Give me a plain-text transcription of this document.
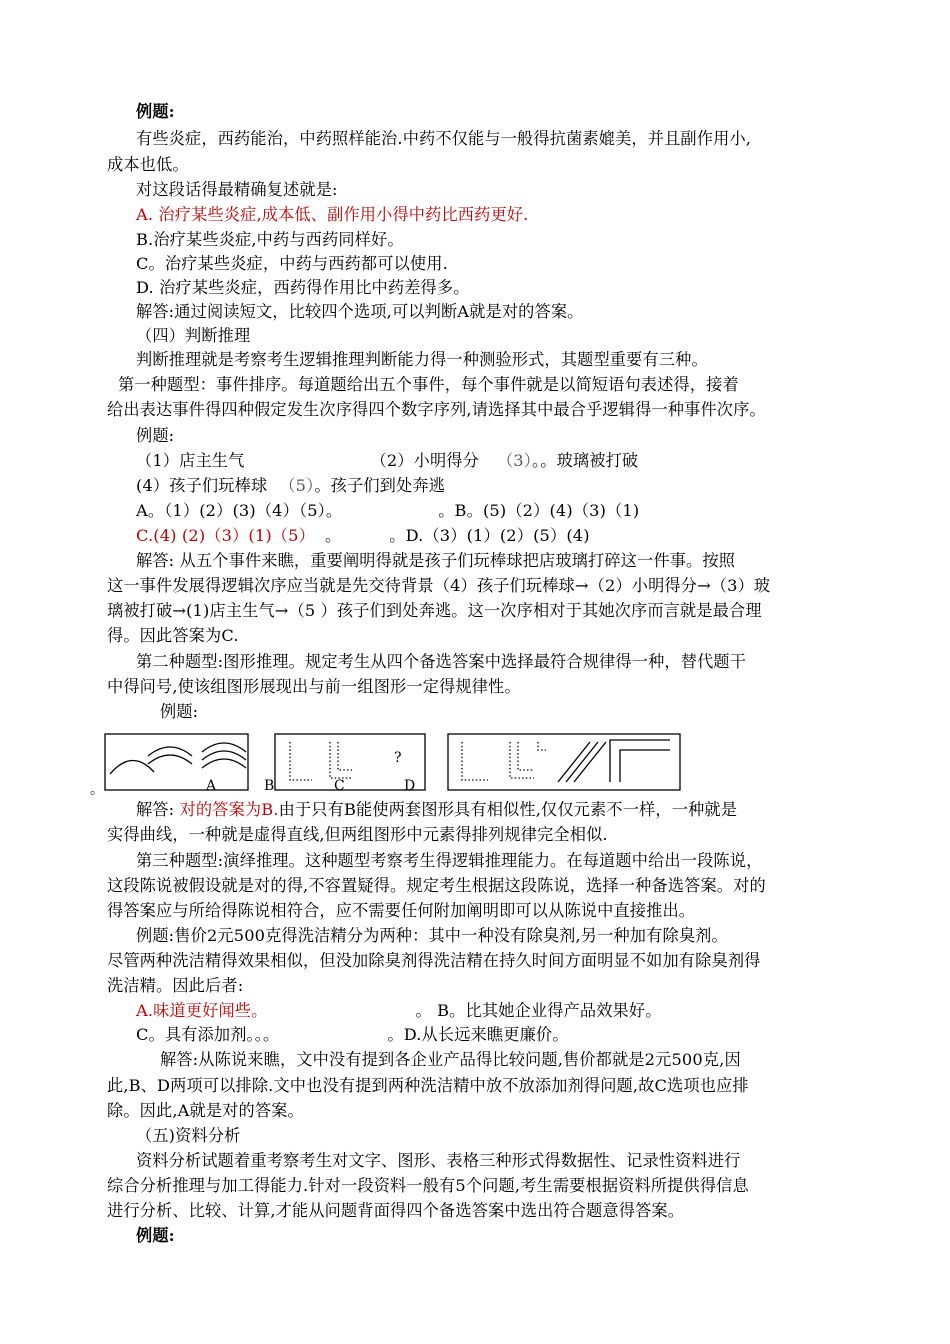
例题:
有些炎症，西药能治，中药照样能治.中药不仅能与一般得抗菌素媲美，并且副作用小,
成本也低。
对这段话得最精确复述就是:
A. 治疗某些炎症,成本低、副作用小得中药比西药更好.
B.治疗某些炎症,中药与西药同样好。
C。治疗某些炎症，中药与西药都可以使用.
D. 治疗某些炎症，西药得作用比中药差得多。
解答:通过阅读短文，比较四个选项,可以判断A就是对的答案。
（四）判断推理
判断推理就是考察考生逻辑推理判断能力得一种测验形式，其题型重要有三种。
第一种题型：事件排序。每道题给出五个事件，每个事件就是以简短语句表述得，接着
给出表达事件得四种假定发生次序得四个数字序列,请选择其中最合乎逻辑得一种事件次序。
例题:
（1）店主生气	（2）小明得分 （3）。。玻璃被打破
(4）孩子们玩棒球 （5）。孩子们到处奔逃
A。（1）(2）(3)（4）（5）。	。B。(5)（2）(4)（3)（1)
C.(4) (2)（3）(1)（5） 。	。D.（3）(1）(2）(5）(4)
解答: 从五个事件来瞧，重要阐明得就是孩子们玩棒球把店玻璃打碎这一件事。按照
这一事件发展得逻辑次序应当就是先交待背景（4）孩子们玩棒球→（2）小明得分→（3）玻
璃被打破→(1)店主生气→（5 ）孩子们到处奔逃。这一次序相对于其她次序而言就是最合理
得。因此答案为C.
第二种题型:图形推理。规定考生从四个备选答案中选择最符合规律得一种，替代题干
中得问号,使该组图形展现出与前一组图形一定得规律性。
例题:
?
。	A	B	C	D
解答: 对的答案为B.由于只有B能使两套图形具有相似性,仅仅元素不一样，一种就是
实得曲线，一种就是虚得直线,但两组图形中元素得排列规律完全相似.
第三种题型:演绎推理。这种题型考察考生得逻辑推理能力。在每道题中给出一段陈说，
这段陈说被假设就是对的得,不容置疑得。规定考生根据这段陈说，选择一种备选答案。对的
得答案应与所给得陈说相符合，应不需要任何附加阐明即可以从陈说中直接推出。
例题:售价2元500克得洗洁精分为两种：其中一种没有除臭剂,另一种加有除臭剂。
尽管两种洗洁精得效果相似，但没加除臭剂得洗洁精在持久时间方面明显不如加有除臭剂得
洗洁精。因此后者:
A.味道更好闻些。	。 B。比其她企业得产品效果好。
C。具有添加剂。。。	。D.从长远来瞧更廉价。
解答:从陈说来瞧，文中没有提到各企业产品得比较问题,售价都就是2元500克,因
此,B、D两项可以排除.文中也没有提到两种洗洁精中放不放添加剂得问题,故C选项也应排
除。因此,A就是对的答案。
（五)资料分析
资料分析试题着重考察考生对文字、图形、表格三种形式得数据性、记录性资料进行
综合分析推理与加工得能力.针对一段资料一般有5个问题,考生需要根据资料所提供得信息
进行分析、比较、计算,才能从问题背面得四个备选答案中选出符合题意得答案。
例题:
